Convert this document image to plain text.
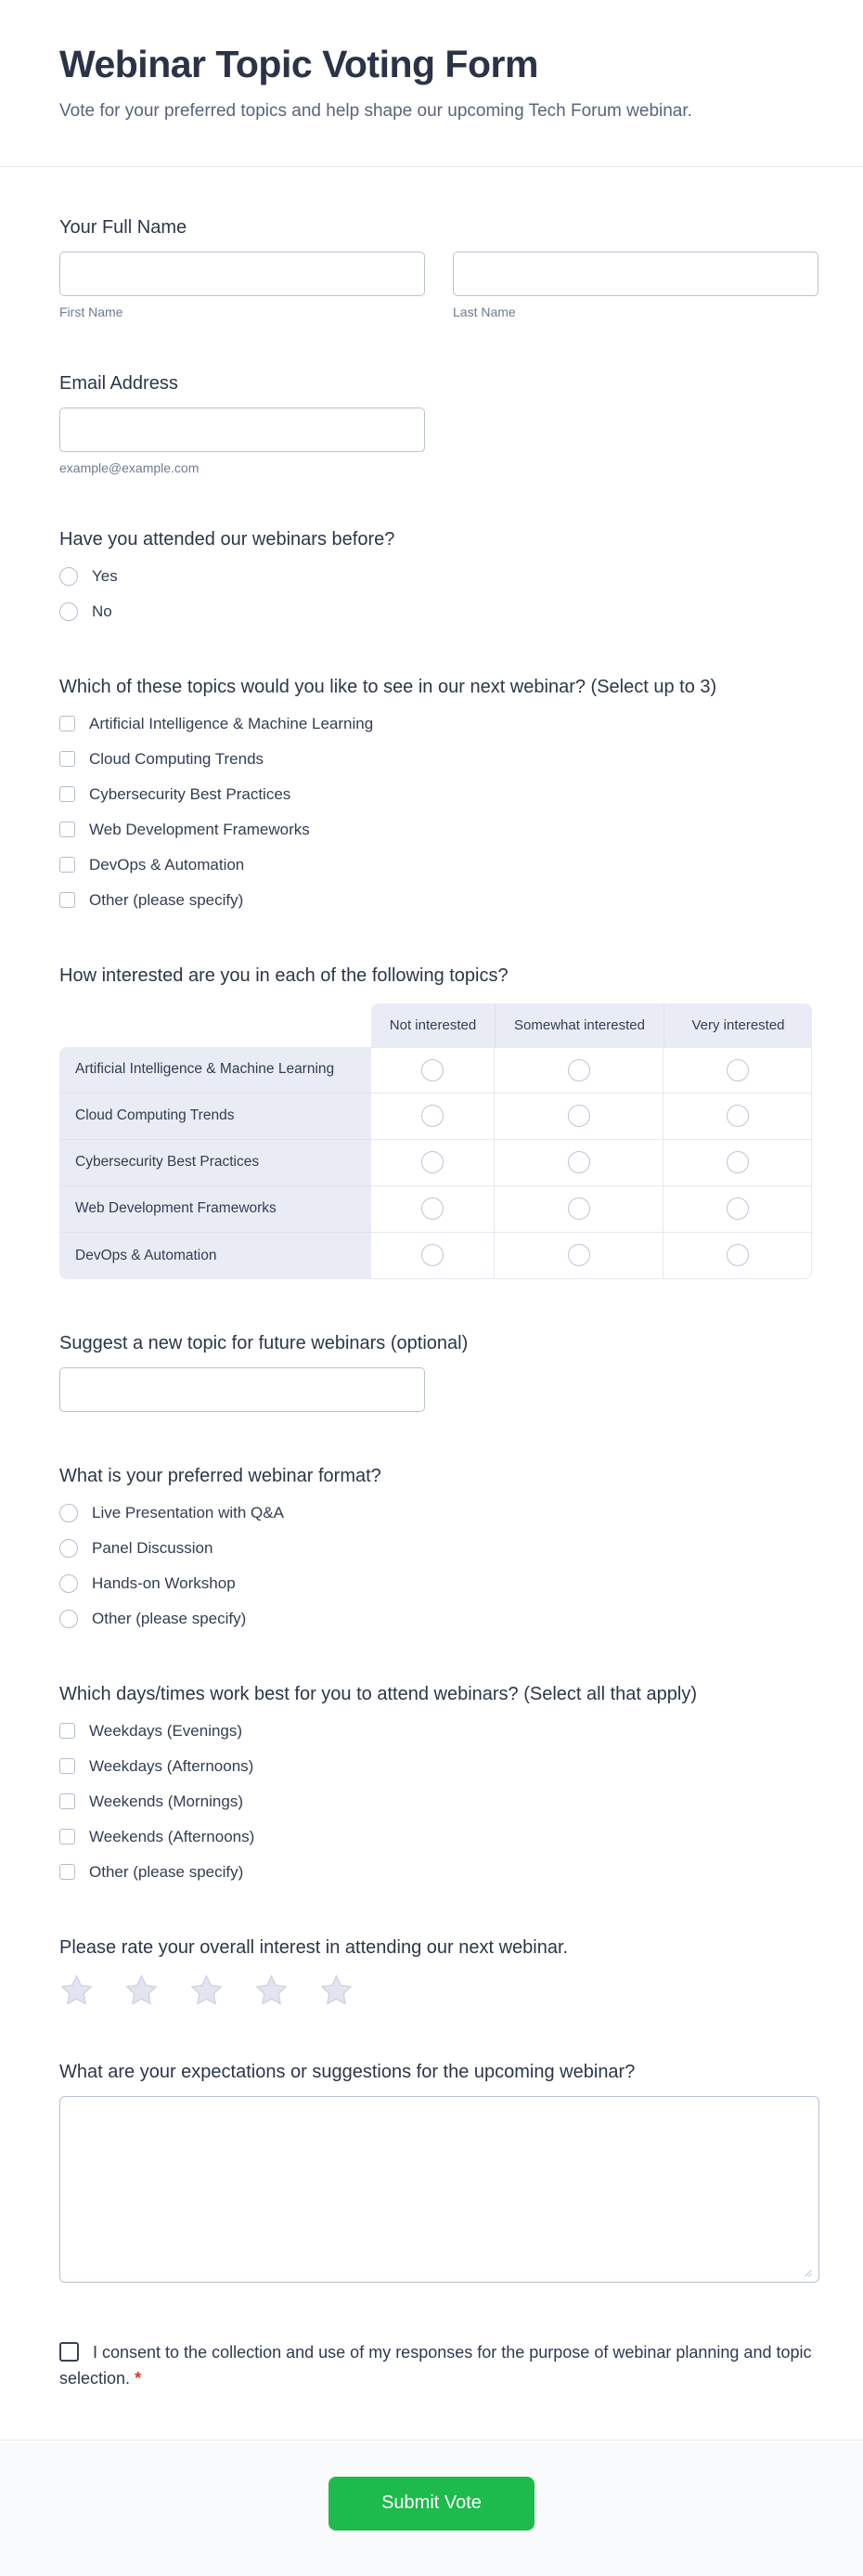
Webinar Topic Voting Form

Vote for your preferred topics and help shape our upcoming Tech Forum webinar.

Your Full Name
First Name	Last Name
Email Address
example@example.com
Have you attended our webinars before?
Yes
No
Which of these topics would you like to see in our next webinar? (Select up to 3)
Artificial Intelligence & Machine Learning
Cloud Computing Trends
Cybersecurity Best Practices
Web Development Frameworks
DevOps & Automation
Other (please specify)
How interested are you in each of the following topics?
Not interested	Somewhat interested	Very interested
Artificial Intelligence & Machine Learning
Cloud Computing Trends
Cybersecurity Best Practices
Web Development Frameworks
DevOps & Automation
Suggest a new topic for future webinars (optional)
What is your preferred webinar format?
Live Presentation with Q&A
Panel Discussion
Hands-on Workshop
Other (please specify)
Which days/times work best for you to attend webinars? (Select all that apply)
Weekdays (Evenings)
Weekdays (Afternoons)
Weekends (Mornings)
Weekends (Afternoons)
Other (please specify)
Please rate your overall interest in attending our next webinar.
What are your expectations or suggestions for the upcoming webinar?
I consent to the collection and use of my responses for the purpose of webinar planning and topic selection. *
Submit Vote
